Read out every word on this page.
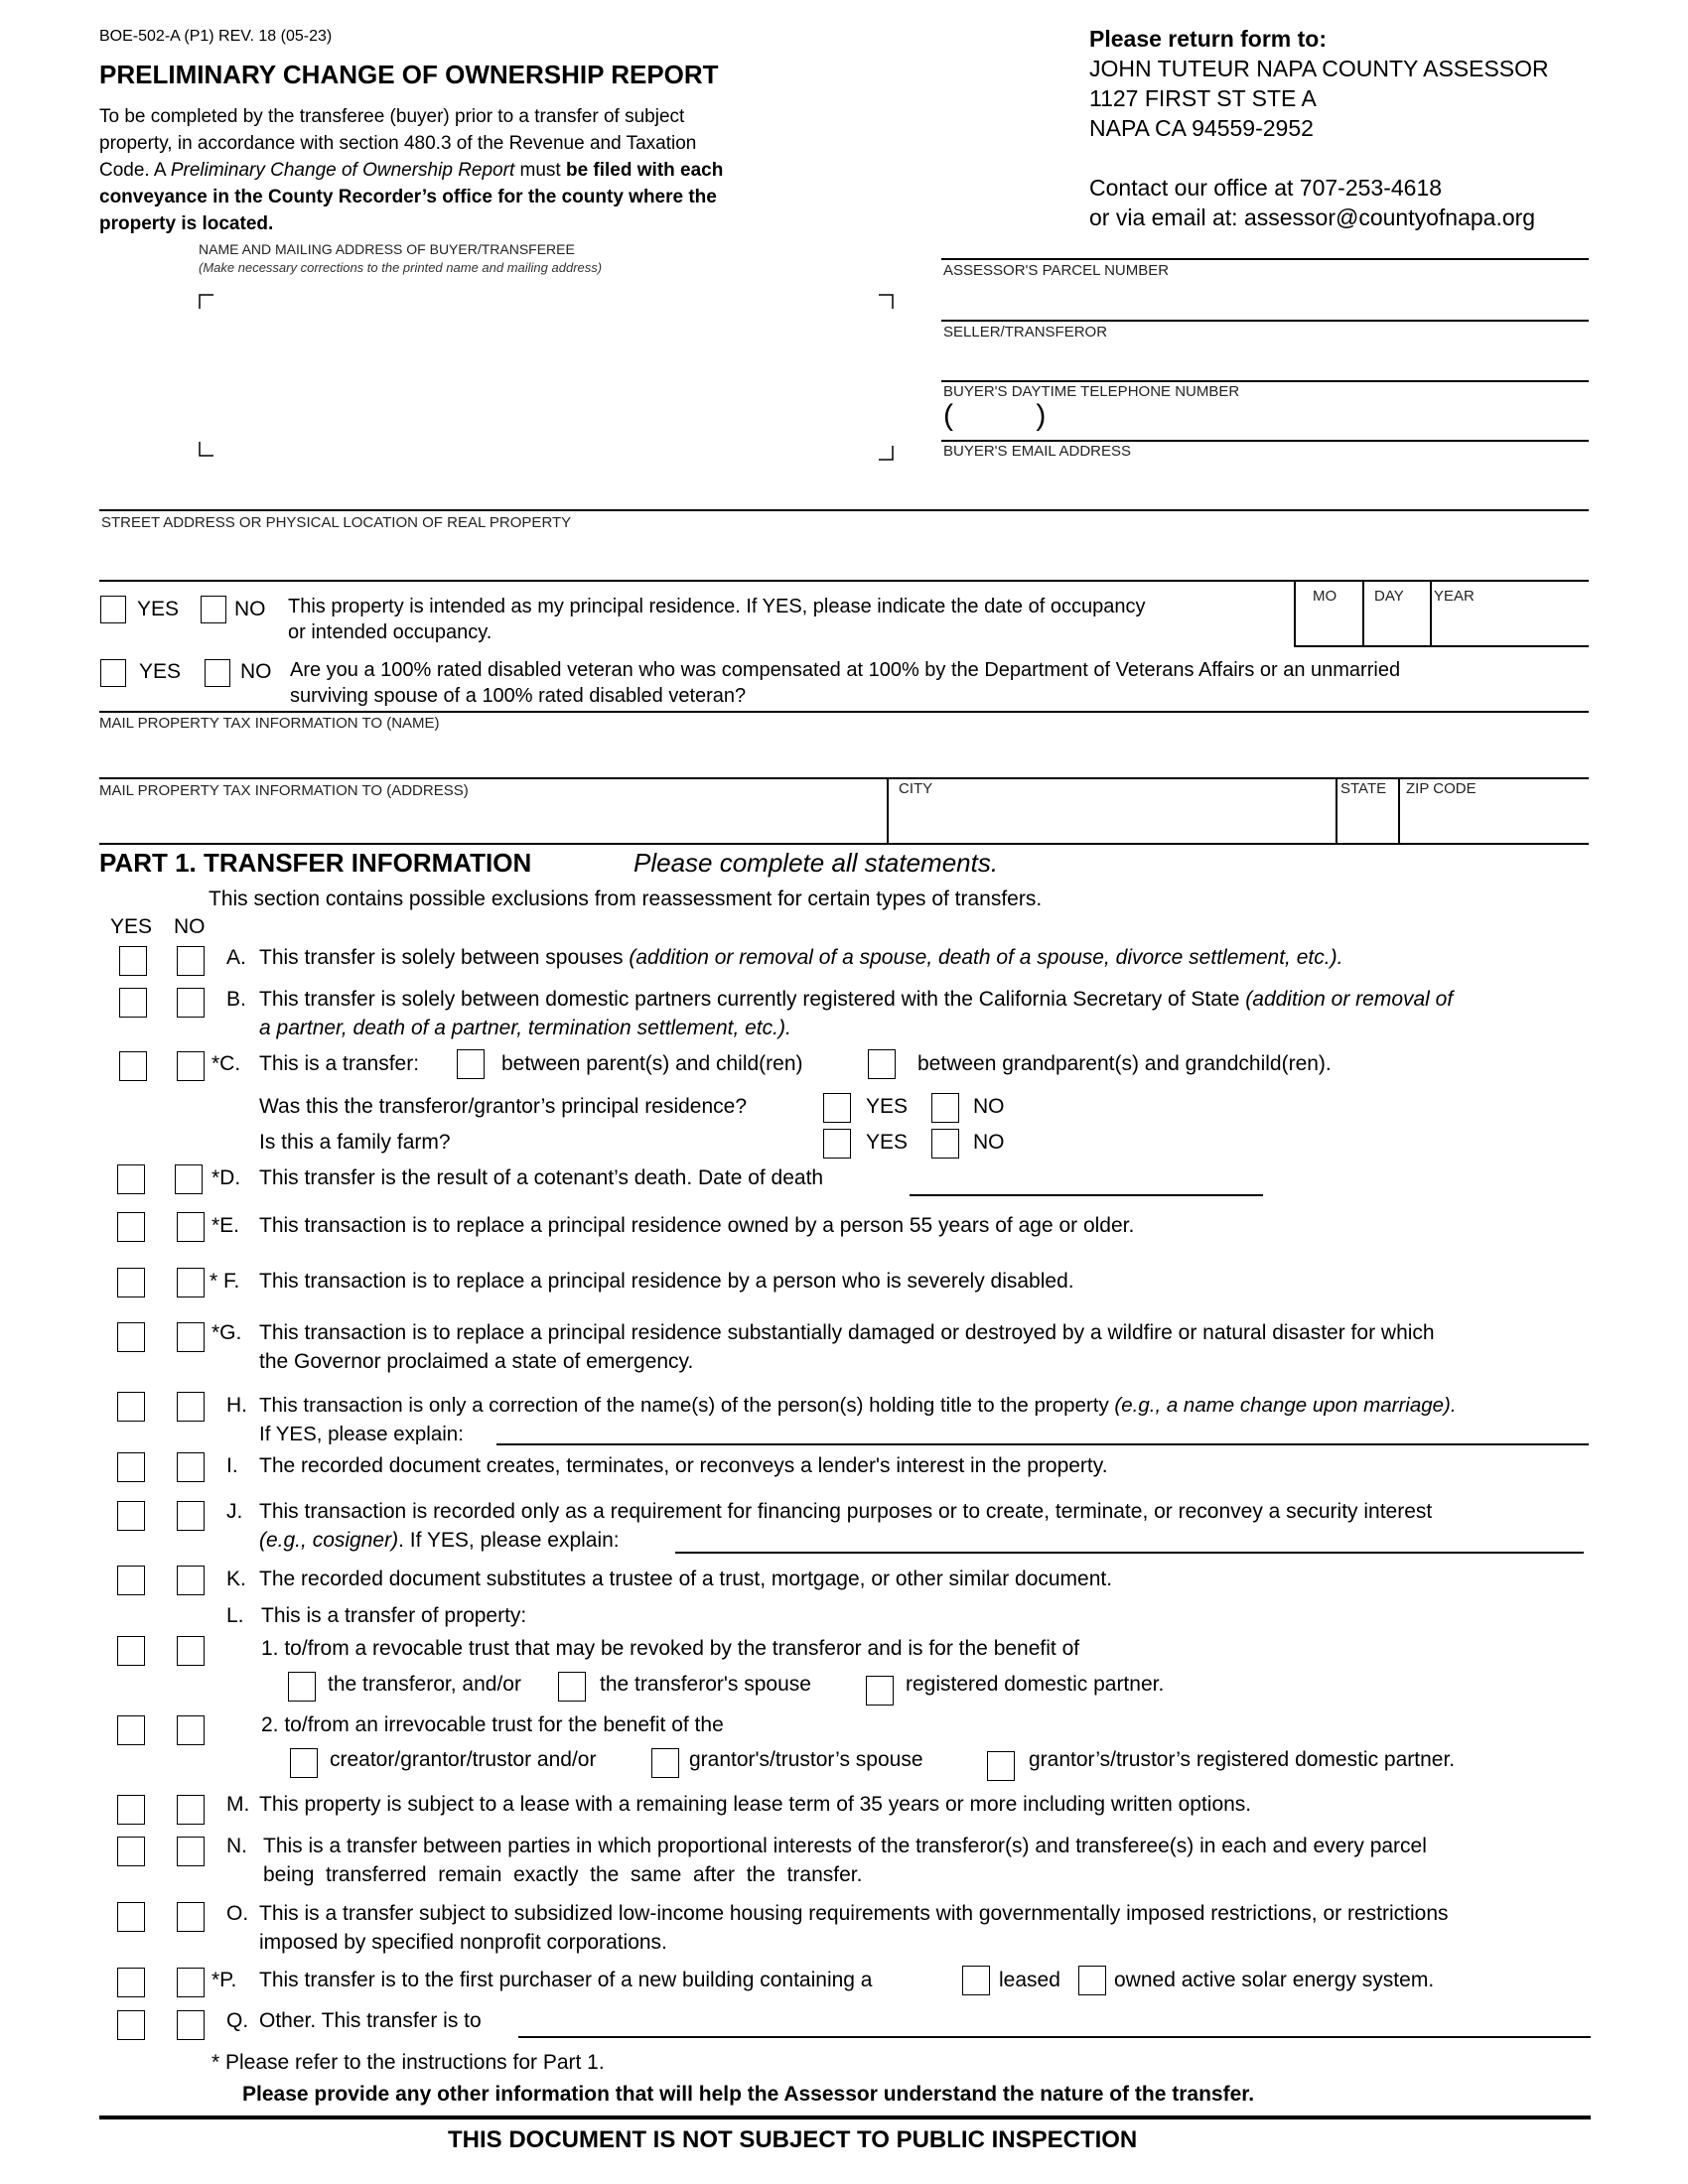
BOE-502-A (P1) REV. 18 (05-23)
PRELIMINARY CHANGE OF OWNERSHIP REPORT
To be completed by the transferee (buyer) prior to a transfer of subject
property, in accordance with section 480.3 of the Revenue and Taxation
Code. A Preliminary Change of Ownership Report must be filed with each
conveyance in the County Recorder’s office for the county where the
property is located.
Please return form to:
JOHN TUTEUR NAPA COUNTY ASSESSOR
1127 FIRST ST STE A
NAPA CA 94559-2952
Contact our office at 707-253-4618
or via email at: assessor@countyofnapa.org
NAME AND MAILING ADDRESS OF BUYER/TRANSFEREE
(Make necessary corrections to the printed name and mailing address)	ASSESSOR'S PARCEL NUMBER
SELLER/TRANSFEROR
BUYER'S DAYTIME TELEPHONE NUMBER
(          )
BUYER'S EMAIL ADDRESS
STREET ADDRESS OR PHYSICAL LOCATION OF REAL PROPERTY
YES	NO This property is intended as my principal residence. If YES, please indicate the date of occupancy
or intended occupancy.
MO	DAY YEAR
YES	NO Are you a 100% rated disabled veteran who was compensated at 100% by the Department of Veterans Affairs or an unmarried
surviving spouse of a 100% rated disabled veteran?
MAIL PROPERTY TAX INFORMATION TO (NAME)
MAIL PROPERTY TAX INFORMATION TO (ADDRESS)	CITY	STATE ZIP CODE
PART 1. TRANSFER INFORMATION	Please complete all statements.
This section contains possible exclusions from reassessment for certain types of transfers.
YES NO
A. This transfer is solely between spouses (addition or removal of a spouse, death of a spouse, divorce settlement, etc.).
B. This transfer is solely between domestic partners currently registered with the California Secretary of State (addition or removal of
a partner, death of a partner, termination settlement, etc.).
*C. This is a transfer:	between parent(s) and child(ren)	between grandparent(s) and grandchild(ren).
Was this the transferor/grantor’s principal residence?	YES	NO
Is this a family farm?	YES	NO
*D. This transfer is the result of a cotenant’s death. Date of death
*E. This transaction is to replace a principal residence owned by a person 55 years of age or older.
* F. This transaction is to replace a principal residence by a person who is severely disabled.
*G. This transaction is to replace a principal residence substantially damaged or destroyed by a wildfire or natural disaster for which
the Governor proclaimed a state of emergency.
H. This transaction is only a correction of the name(s) of the person(s) holding title to the property (e.g., a name change upon marriage).
If YES, please explain:
I. The recorded document creates, terminates, or reconveys a lender's interest in the property.
J. This transaction is recorded only as a requirement for financing purposes or to create, terminate, or reconvey a security interest
(e.g., cosigner). If YES, please explain:
K. The recorded document substitutes a trustee of a trust, mortgage, or other similar document.
L. This is a transfer of property:
1. to/from a revocable trust that may be revoked by the transferor and is for the benefit of
the transferor, and/or	the transferor's spouse	registered domestic partner.
2. to/from an irrevocable trust for the benefit of the
creator/grantor/trustor and/or	grantor's/trustor’s spouse	grantor’s/trustor’s registered domestic partner.
M. This property is subject to a lease with a remaining lease term of 35 years or more including written options.
N. This is a transfer between parties in which proportional interests of the transferor(s) and transferee(s) in each and every parcel
being  transferred  remain  exactly  the  same  after  the  transfer.
O. This is a transfer subject to subsidized low-income housing requirements with governmentally imposed restrictions, or restrictions
imposed by specified nonprofit corporations.
*P. This transfer is to the first purchaser of a new building containing a	leased	owned active solar energy system.
Q. Other. This transfer is to
* Please refer to the instructions for Part 1.
Please provide any other information that will help the Assessor understand the nature of the transfer.
THIS DOCUMENT IS NOT SUBJECT TO PUBLIC INSPECTION
